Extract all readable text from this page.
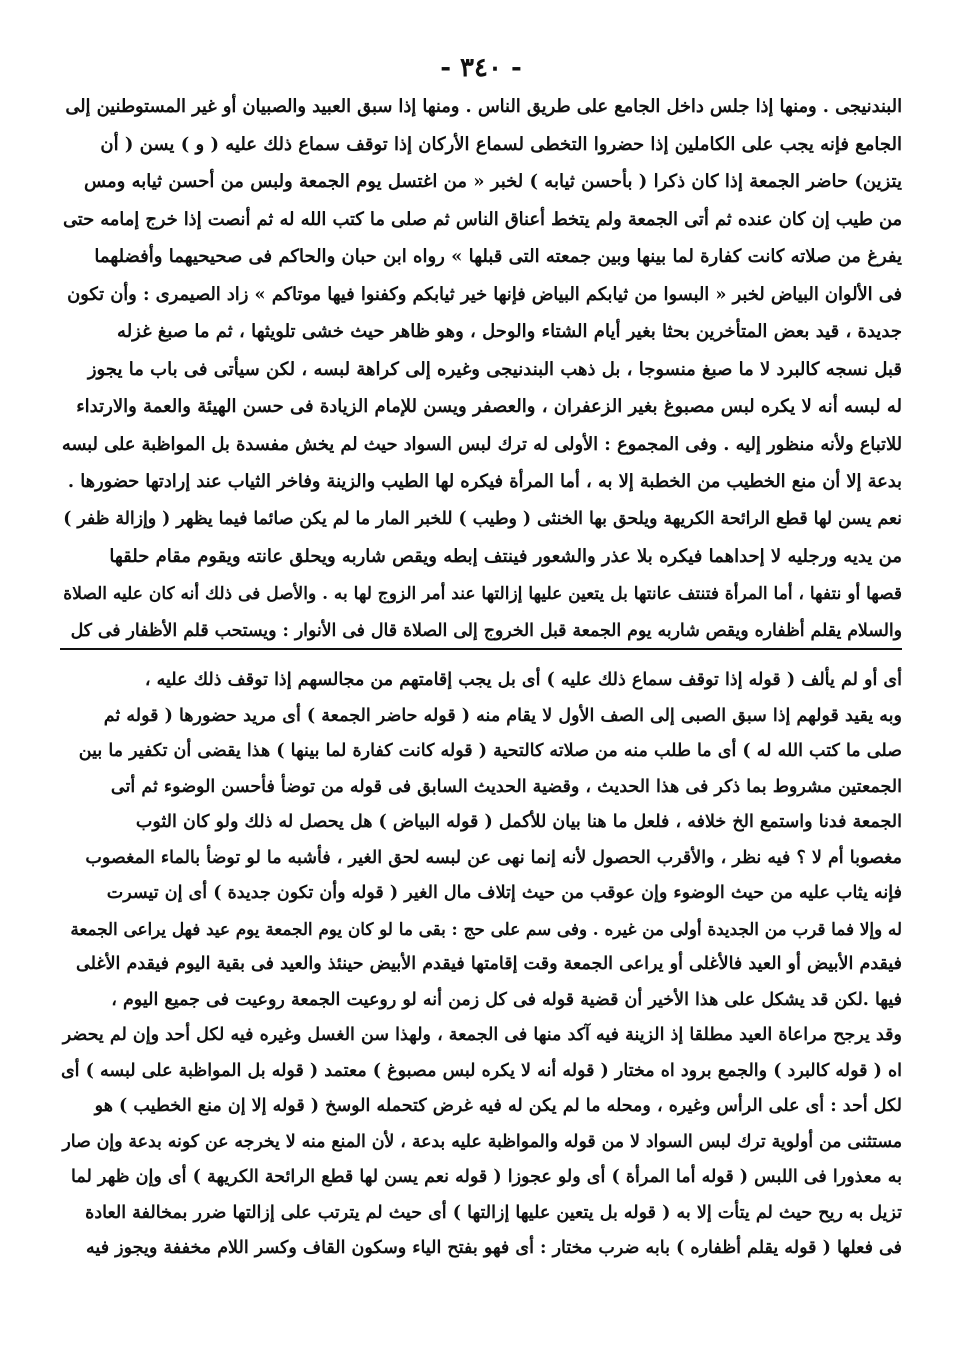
- ٣٤٠ -
البندنيجى . ومنها إذا جلس داخل الجامع على طريق الناس . ومنها إذا سبق العبيد والصبيان أو غير المستوطنين إلى
الجامع فإنه يجب على الكاملين إذا حضروا التخطى لسماع الأركان إذا توقف سماع ذلك عليه ( و ) يسن ( أن
يتزين) حاضر الجمعة إذا كان ذكرا ( بأحسن ثيابه ) لخبر « من اغتسل يوم الجمعة ولبس من أحسن ثيابه ومس
من طيب إن كان عنده ثم أتى الجمعة ولم يتخط أعناق الناس ثم صلى ما كتب الله له ثم أنصت إذا خرج إمامه حتى
يفرغ من صلاته كانت كفارة لما بينها وبين جمعته التى قبلها » رواه ابن حبان والحاكم فى صحيحيهما وأفضلهما
فى الألوان البياض لخبر « البسوا من ثيابكم البياض فإنها خير ثيابكم وكفنوا فيها موتاكم » زاد الصيمرى : وأن تكون
جديدة ، قيد بعض المتأخرين بحثا بغير أيام الشتاء والوحل ، وهو ظاهر حيث خشى تلويثها ، ثم ما صبغ غزله
قبل نسجه كالبرد لا ما صبغ منسوجا ، بل ذهب البندنيجى وغيره إلى كراهة لبسه ، لكن سيأتى فى باب ما يجوز
له لبسه أنه لا يكره لبس مصبوغ بغير الزعفران ، والعصفر ويسن للإمام الزيادة فى حسن الهيئة والعمة والارتداء
للاتباع ولأنه منظور إليه . وفى المجموع : الأولى له ترك لبس السواد حيث لم يخش مفسدة بل المواظبة على لبسه
بدعة إلا أن منع الخطيب من الخطبة إلا به ، أما المرأة فيكره لها الطيب والزينة وفاخر الثياب عند إرادتها حضورها .
نعم يسن لها قطع الرائحة الكريهة ويلحق بها الخنثى ( وطيب ) للخبر المار ما لم يكن صائما فيما يظهر ( وإزالة ظفر )
من يديه ورجليه لا إحداهما فيكره بلا عذر والشعور فينتف إبطه ويقص شاربه ويحلق عانته ويقوم مقام حلقها
قصها أو نتفها ، أما المرأة فتنتف عانتها بل يتعين عليها إزالتها عند أمر الزوج لها به . والأصل فى ذلك أنه كان عليه الصلاة
والسلام يقلم أظفاره ويقص شاربه يوم الجمعة قبل الخروج إلى الصلاة قال فى الأنوار : ويستحب قلم الأظفار فى كل
أى أو لم يألف ( قوله إذا توقف سماع ذلك عليه ) أى بل يجب إقامتهم من مجالسهم إذا توقف ذلك عليه ،
وبه يقيد قولهم إذا سبق الصبى إلى الصف الأول لا يقام منه ( قوله حاضر الجمعة ) أى مريد حضورها ( قوله ثم
صلى ما كتب الله له ) أى ما طلب منه من صلاته كالتحية ( قوله كانت كفارة لما بينها ) هذا يقضى أن تكفير ما بين
الجمعتين مشروط بما ذكر فى هذا الحديث ، وقضية الحديث السابق فى قوله من توضأ فأحسن الوضوء ثم أتى
الجمعة فدنا واستمع الخ خلافه ، فلعل ما هنا بيان للأكمل ( قوله البياض ) هل يحصل له ذلك ولو كان الثوب
مغصوبا أم لا ؟ فيه نظر ، والأقرب الحصول لأنه إنما نهى عن لبسه لحق الغير ، فأشبه ما لو توضأ بالماء المغصوب
فإنه يثاب عليه من حيث الوضوء وإن عوقب من حيث إتلاف مال الغير ( قوله وأن تكون جديدة ) أى إن تيسرت
له وإلا فما قرب من الجديدة أولى من غيره . وفى سم على حج : بقى ما لو كان يوم الجمعة يوم عيد فهل يراعى الجمعة
فيقدم الأبيض أو العيد فالأغلى أو يراعى الجمعة وقت إقامتها فيقدم الأبيض حينئذ والعيد فى بقية اليوم فيقدم الأغلى
فيها .لكن قد يشكل على هذا الأخير أن قضية قوله فى كل زمن أنه لو روعيت الجمعة روعيت فى جميع اليوم ،
وقد يرجح مراعاة العيد مطلقا إذ الزينة فيه آكد منها فى الجمعة ، ولهذا سن الغسل وغيره فيه لكل أحد وإن لم يحضر
اه ( قوله كالبرد ) والجمع برود اه مختار ( قوله أنه لا يكره لبس مصبوغ ) معتمد ( قوله بل المواظبة على لبسه ) أى
لكل أحد : أى على الرأس وغيره ، ومحله ما لم يكن له فيه غرض كتحمله الوسخ ( قوله إلا إن منع الخطيب ) هو
مستثنى من أولوية ترك لبس السواد لا من قوله والمواظبة عليه بدعة ، لأن المنع منه لا يخرجه عن كونه بدعة وإن صار
به معذورا فى اللبس ( قوله أما المرأة ) أى ولو عجوزا ( قوله نعم يسن لها قطع الرائحة الكريهة ) أى وإن ظهر لما
تزيل به ريح حيث لم يتأت إلا به ( قوله بل يتعين عليها إزالتها ) أى حيث لم يترتب على إزالتها ضرر بمخالفة العادة
فى فعلها ( قوله يقلم أظفاره ) بابه ضرب مختار : أى فهو بفتح الياء وسكون القاف وكسر اللام مخففة ويجوز فيه
